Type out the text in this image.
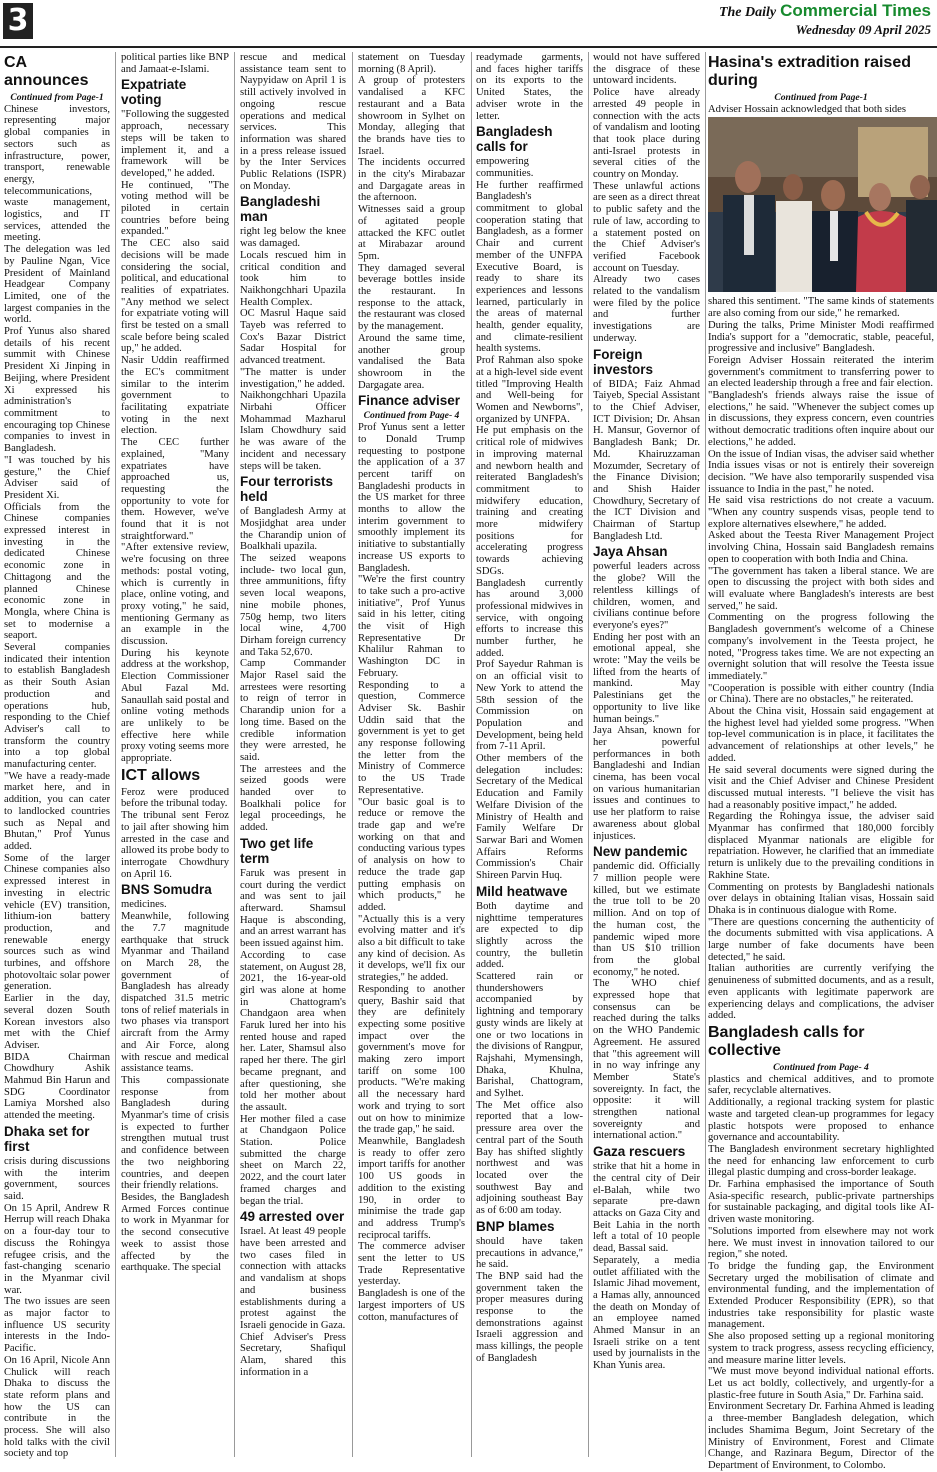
3	The Daily Commercial Times
Wednesday 09 April 2025
CA announces

Continued from Page-1

Chinese investors, representing major global companies in sectors such as infrastructure, power, transport, renewable energy, telecommunications, waste management, logistics, and IT services, attended the meeting.

The delegation was led by Pauline Ngan, Vice President of Mainland Headgear Company Limited, one of the largest companies in the world.

Prof Yunus also shared details of his recent summit with Chinese President Xi Jinping in Beijing, where President Xi expressed his administration's commitment to encouraging top Chinese companies to invest in Bangladesh.

"I was touched by his gesture," the Chief Adviser said of President Xi.

Officials from the Chinese companies expressed interest in investing in the dedicated Chinese economic zone in Chittagong and the planned Chinese economic zone in Mongla, where China is set to modernise a seaport.

Several companies indicated their intention to establish Bangladesh as their South Asian production and operations hub, responding to the Chief Adviser's call to transform the country into a top global manufacturing center.

"We have a ready-made market here, and in addition, you can cater to landlocked countries such as Nepal and Bhutan," Prof Yunus added.

Some of the larger Chinese companies also expressed interest in investing in electric vehicle (EV) transition, lithium-ion battery production, and renewable energy sources such as wind turbines, and offshore photovoltaic solar power generation.

Earlier in the day, several dozen South Korean investors also met with the Chief Adviser.

BIDA Chairman Chowdhury Ashik Mahmud Bin Harun and SDG Coordinator Lamiya Morshed also attended the meeting.

Dhaka set for first

crisis during discussions with the interim government, sources said.

On 15 April, Andrew R Herrup will reach Dhaka on a four-day tour to discuss the Rohingya refugee crisis, and the fast-changing scenario in the Myanmar civil war.

The two issues are seen as major factor to influence US security interests in the Indo-Pacific.

On 16 April, Nicole Ann Chulick will reach Dhaka to discuss the state reform plans and how the US can contribute in the process. She will also hold talks with the civil society and top

political parties like BNP and Jamaat-e-Islami.

Expatriate voting

"Following the suggested approach, necessary steps will be taken to implement it, and a framework will be developed," he added.

He continued, "The voting method will be piloted in certain countries before being expanded."

The CEC also said decisions will be made considering the social, political, and educational realities of expatriates. "Any method we select for expatriate voting will first be tested on a small scale before being scaled up," he added.

Nasir Uddin reaffirmed the EC's commitment similar to the interim government to facilitating expatriate voting in the next election.

The CEC further explained, "Many expatriates have approached us, requesting the opportunity to vote for them. However, we've found that it is not straightforward."

"After extensive review, we're focusing on three methods: postal voting, which is currently in place, online voting, and proxy voting," he said, mentioning Germany as an example in the discussion.

During his keynote address at the workshop, Election Commissioner Abul Fazal Md. Sanaullah said postal and online voting methods are unlikely to be effective here while proxy voting seems more appropriate.

ICT allows

Feroz were produced before the tribunal today.

The tribunal sent Feroz to jail after showing him arrested in the case and allowed its probe body to interrogate Chowdhury on April 16.

BNS Somudra

medicines.

Meanwhile, following the 7.7 magnitude earthquake that struck Myanmar and Thailand on March 28, the government of Bangladesh has already dispatched 31.5 metric tons of relief materials in two phases via transport aircraft from the Army and Air Force, along with rescue and medical assistance teams.

This compassionate response from Bangladesh during Myanmar's time of crisis is expected to further strengthen mutual trust and confidence between the two neighboring countries, and deepen their friendly relations.

Besides, the Bangladesh Armed Forces continue to work in Myanmar for the second consecutive week to assist those affected by the earthquake. The special

rescue and medical assistance team sent to Naypyidaw on April 1 is still actively involved in ongoing rescue operations and medical services. This information was shared in a press release issued by the Inter Services Public Relations (ISPR) on Monday.

Bangladeshi man

right leg below the knee was damaged.

Locals rescued him in critical condition and took him to Naikhongchhari Upazila Health Complex.

OC Masrul Haque said Tayeb was referred to Cox's Bazar District Sadar Hospital for advanced treatment.

"The matter is under investigation," he added.

Naikhongchhari Upazila Nirbahi Officer Mohammad Mazharul Islam Chowdhury said he was aware of the incident and necessary steps will be taken.

Four terrorists held

of Bangladesh Army at Mosjidghat area under the Charandip union of Boalkhali upazila.

The seized weapons include- two local gun, three ammunitions, fifty seven local weapons, nine mobile phones, 750g hemp, two liters local wine, 4,700 Dirham foreign currency and Taka 52,670.

Camp Commander Major Rasel said the arrestees were resorting to reign of terror in Charandip union for a long time. Based on the credible information they were arrested, he said.

The arrestees and the seized goods were handed over to Boalkhali police for legal proceedings, he added.

Two get life term

Faruk was present in court during the verdict and was sent to jail afterward. Shamsul Haque is absconding, and an arrest warrant has been issued against him.

According to case statement, on August 28, 2021, the 16-year-old girl was alone at home in Chattogram's Chandgaon area when Faruk lured her into his rented house and raped her. Later, Shamsul also raped her there. The girl became pregnant, and after questioning, she told her mother about the assault.

Her mother filed a case at Chandgaon Police Station. Police submitted the charge sheet on March 22, 2022, and the court later framed charges and began the trial.

49 arrested over

Israel. At least 49 people have been arrested and two cases filed in connection with attacks and vandalism at shops and business establishments during a protest against the Israeli genocide in Gaza.

Chief Adviser's Press Secretary, Shafiqul Alam, shared this information in a

statement on Tuesday morning (8 April).

A group of protesters vandalised a KFC restaurant and a Bata showroom in Sylhet on Monday, alleging that the brands have ties to Israel.

The incidents occurred in the city's Mirabazar and Dargagate areas in the afternoon.

Witnesses said a group of agitated people attacked the KFC outlet at Mirabazar around 5pm.

They damaged several beverage bottles inside the restaurant. In response to the attack, the restaurant was closed by the management.

Around the same time, another group vandalised the Bata showroom in the Dargagate area.

Finance adviser

Continued from Page- 4

Prof Yunus sent a letter to Donald Trump requesting to postpone the application of a 37 percent tariff on Bangladeshi products in the US market for three months to allow the interim government to smoothly implement its initiative to substantially increase US exports to Bangladesh.

"We're the first country to take such a pro-active initiative", Prof Yunus said in his letter, citing the visit of High Representative Dr Khalilur Rahman to Washington DC in February.

Responding to a question, Commerce Adviser Sk. Bashir Uddin said that the government is yet to get any response following the letter from the Ministry of Commerce to the US Trade Representative.

"Our basic goal is to reduce or remove the trade gap and we're working on that and conducting various types of analysis on how to reduce the trade gap putting emphasis on which products," he added.

"Actually this is a very evolving matter and it's also a bit difficult to take any kind of decision. As it develops, we'll fix our strategies," he added.

Responding to another query, Bashir said that they are definitely expecting some positive impact over the government's move for making zero import tariff on some 100 products. "We're making all the necessary hard work and trying to sort out on how to minimize the trade gap," he said.

Meanwhile, Bangladesh is ready to offer zero import tariffs for another 100 US goods in addition to the existing 190, in order to minimise the trade gap and address Trump's reciprocal tariffs.

The commerce adviser sent the letter to US Trade Representative yesterday.

Bangladesh is one of the largest importers of US cotton, manufactures of

readymade garments, and faces higher tariffs on its exports to the United States, the adviser wrote in the letter.

Bangladesh calls for

empowering communities.

He further reaffirmed Bangladesh's commitment to global cooperation stating that Bangladesh, as a former Chair and current member of the UNFPA Executive Board, is ready to share its experiences and lessons learned, particularly in the areas of maternal health, gender equality, and climate-resilient health systems.

Prof Rahman also spoke at a high-level side event titled "Improving Health and Well-being for Women and Newborns", organized by UNFPA.

He put emphasis on the critical role of midwives in improving maternal and newborn health and reiterated Bangladesh's commitment to midwifery education, training and creating more midwifery positions for accelerating progress towards achieving SDGs.

Bangladesh currently has around 3,000 professional midwives in service, with ongoing efforts to increase this number further, he added.

Prof Sayedur Rahman is on an official visit to New York to attend the 58th session of the Commission on Population and Development, being held from 7-11 April.

Other members of the delegation includes: Secretary of the Medical Education and Family Welfare Division of the Ministry of Health and Family Welfare Dr Sarwar Bari and Women Affairs Reforms Commission's Chair Shireen Parvin Huq.

Mild heatwave

Both daytime and nighttime temperatures are expected to dip slightly across the country, the bulletin added.

Scattered rain or thundershowers accompanied by lightning and temporary gusty winds are likely at one or two locations in the divisions of Rangpur, Rajshahi, Mymensingh, Dhaka, Khulna, Barishal, Chattogram, and Sylhet.

The Met office also reported that a low-pressure area over the central part of the South Bay has shifted slightly northwest and was located over the southwest Bay and adjoining southeast Bay as of 6:00 am today.

BNP blames

should have taken precautions in advance," he said.

The BNP said had the government taken the proper measures during response to the demonstrations against Israeli aggression and mass killings, the people of Bangladesh

would not have suffered the disgrace of these untoward incidents.

Police have already arrested 49 people in connection with the acts of vandalism and looting that took place during anti-Israel protests in several cities of the country on Monday.

These unlawful actions are seen as a direct threat to public safety and the rule of law, according to a statement posted on the Chief Adviser's verified Facebook account on Tuesday.

Already two cases related to the vandalism were filed by the police and further investigations are underway.

Foreign investors

of BIDA; Faiz Ahmad Taiyeb, Special Assistant to the Chief Adviser, ICT Division; Dr. Ahsan H. Mansur, Governor of Bangladesh Bank; Dr. Md. Khairuzzaman Mozumder, Secretary of the Finance Division; and Shish Haider Chowdhury, Secretary of the ICT Division and Chairman of Startup Bangladesh Ltd.

Jaya Ahsan

powerful leaders across the globe? Will the relentless killings of children, women, and civilians continue before everyone's eyes?"

Ending her post with an emotional appeal, she wrote: "May the veils be lifted from the hearts of mankind. May Palestinians get the opportunity to live like human beings."

Jaya Ahsan, known for her powerful performances in both Bangladeshi and Indian cinema, has been vocal on various humanitarian issues and continues to use her platform to raise awareness about global injustices.

New pandemic

pandemic did. Officially 7 million people were killed, but we estimate the true toll to be 20 million. And on top of the human cost, the pandemic wiped more than US $10 trillion from the global economy," he noted.

The WHO chief expressed hope that consensus can be reached during the talks on the WHO Pandemic Agreement. He assured that "this agreement will in no way infringe any Member State's sovereignty. In fact, the opposite: it will strengthen national sovereignty and international action."

Gaza rescuers

strike that hit a home in the central city of Deir el-Balah, while two separate pre-dawn attacks on Gaza City and Beit Lahia in the north left a total of 10 people dead, Bassal said.

Separately, a media outlet affiliated with the Islamic Jihad movement, a Hamas ally, announced the death on Monday of an employee named Ahmed Mansur in an Israeli strike on a tent used by journalists in the Khan Yunis area.

Hasina's extradition raised during

Continued from Page-1

Adviser Hossain acknowledged that both sides

shared this sentiment. "The same kinds of statements are also coming from our side," he remarked.

During the talks, Prime Minister Modi reaffirmed India's support for a "democratic, stable, peaceful, progressive and inclusive" Bangladesh.

Foreign Adviser Hossain reiterated the interim government's commitment to transferring power to an elected leadership through a free and fair election.

"Bangladesh's friends always raise the issue of elections," he said. "Whenever the subject comes up in discussions, they express concern, even countries without democratic traditions often inquire about our elections," he added.

On the issue of Indian visas, the adviser said whether India issues visas or not is entirely their sovereign decision. "We have also temporarily suspended visa issuance to India in the past," he noted.

He said visa restrictions do not create a vacuum. "When any country suspends visas, people tend to explore alternatives elsewhere," he added.

Asked about the Teesta River Management Project involving China, Hossain said Bangladesh remains open to cooperation with both India and China.

"The government has taken a liberal stance. We are open to discussing the project with both sides and will evaluate where Bangladesh's interests are best served," he said.

Commenting on the progress following the Bangladesh government's welcome of a Chinese company's involvement in the Teesta project, he noted, "Progress takes time. We are not expecting an overnight solution that will resolve the Teesta issue immediately."

"Cooperation is possible with either country (India or China). There are no obstacles," he reiterated.

About the China visit, Hossain said engagement at the highest level had yielded some progress. "When top-level communication is in place, it facilitates the advancement of relationships at other levels," he added.

He said several documents were signed during the visit and the Chief Adviser and Chinese President discussed mutual interests. "I believe the visit has had a reasonably positive impact," he added.

Regarding the Rohingya issue, the adviser said Myanmar has confirmed that 180,000 forcibly displaced Myanmar nationals are eligible for repatriation. However, he clarified that an immediate return is unlikely due to the prevailing conditions in Rakhine State.

Commenting on protests by Bangladeshi nationals over delays in obtaining Italian visas, Hossain said Dhaka is in continuous dialogue with Rome.

"There are questions concerning the authenticity of the documents submitted with visa applications. A large number of fake documents have been detected," he said.

Italian authorities are currently verifying the genuineness of submitted documents, and as a result, even applicants with legitimate paperwork are experiencing delays and complications, the adviser added.

Bangladesh calls for collective

Continued from Page- 4

plastics and chemical additives, and to promote safer, recyclable alternatives.

Additionally, a regional tracking system for plastic waste and targeted clean-up programmes for legacy plastic hotspots were proposed to enhance governance and accountability.

The Bangladesh environment secretary highlighted the need for enhancing law enforcement to curb illegal plastic dumping and cross-border leakage.

Dr. Farhina emphasised the importance of South Asia-specific research, public-private partnerships for sustainable packaging, and digital tools like AI-driven waste monitoring.

"Solutions imported from elsewhere may not work here. We must invest in innovation tailored to our region," she noted.

To bridge the funding gap, the Environment Secretary urged the mobilisation of climate and environmental funding, and the implementation of Extended Producer Responsibility (EPR), so that industries take responsibility for plastic waste management.

She also proposed setting up a regional monitoring system to track progress, assess recycling efficiency, and measure marine litter levels.

"We must move beyond individual national efforts. Let us act boldly, collectively, and urgently-for a plastic-free future in South Asia," Dr. Farhina said.

Environment Secretary Dr. Farhina Ahmed is leading a three-member Bangladesh delegation, which includes Shamima Begum, Joint Secretary of the Ministry of Environment, Forest and Climate Change, and Razinara Begum, Director of the Department of Environment, to Colombo.
